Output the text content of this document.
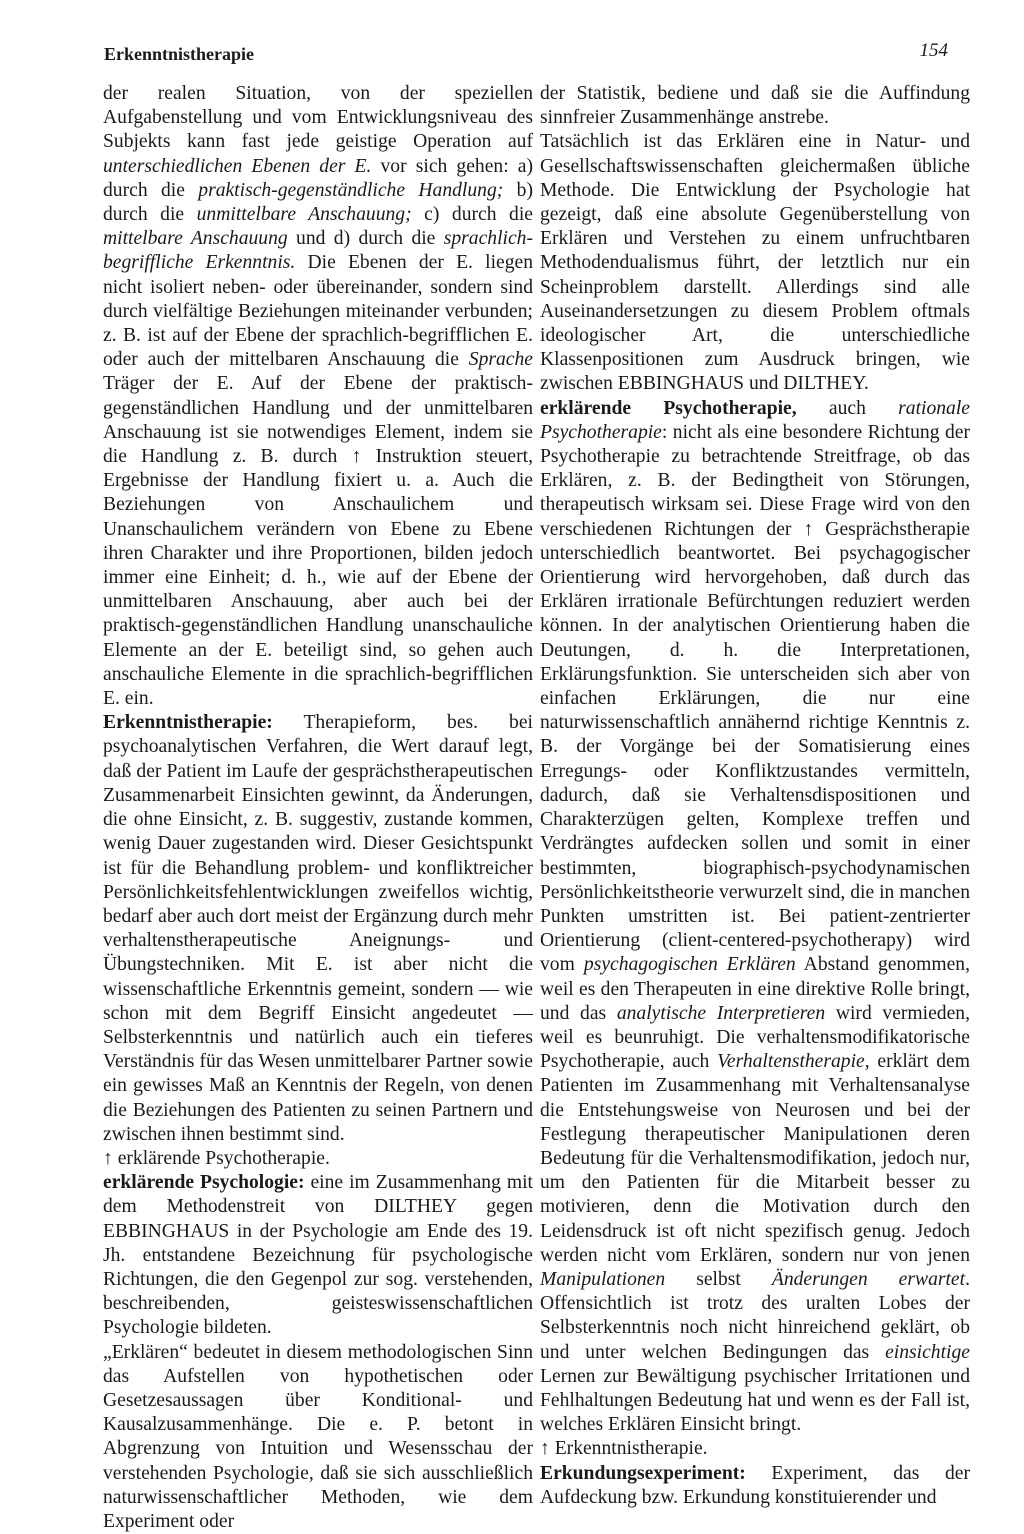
Erkenntnistherapie	154

der realen Situation, von der speziellen Aufgabenstellung und vom Entwicklungsniveau des Subjekts kann fast jede geistige Operation auf unterschiedlichen Ebenen der E. vor sich gehen: a) durch die praktisch-gegenständliche Handlung; b) durch die unmittelbare Anschauung; c) durch die mittelbare Anschauung und d) durch die sprachlich-begriffliche Erkenntnis. Die Ebenen der E. liegen nicht isoliert neben- oder übereinander, sondern sind durch vielfältige Beziehungen miteinander verbunden; z. B. ist auf der Ebene der sprachlich-begrifflichen E. oder auch der mittelbaren Anschauung die Sprache Träger der E. Auf der Ebene der praktisch-gegenständlichen Handlung und der unmittelbaren Anschauung ist sie notwendiges Element, indem sie die Handlung z. B. durch ↑ Instruktion steuert, Ergebnisse der Handlung fixiert u. a. Auch die Beziehungen von Anschaulichem und Unanschaulichem verändern von Ebene zu Ebene ihren Charakter und ihre Proportionen, bilden jedoch immer eine Einheit; d. h., wie auf der Ebene der unmittelbaren Anschauung, aber auch bei der praktisch-gegenständlichen Handlung unanschauliche Elemente an der E. beteiligt sind, so gehen auch anschauliche Elemente in die sprachlich-begrifflichen E. ein.

Erkenntnistherapie: Therapieform, bes. bei psychoanalytischen Verfahren, die Wert darauf legt, daß der Patient im Laufe der gesprächstherapeutischen Zusammenarbeit Einsichten gewinnt, da Änderungen, die ohne Einsicht, z. B. suggestiv, zustande kommen, wenig Dauer zugestanden wird. Dieser Gesichtspunkt ist für die Behandlung problem- und konfliktreicher Persönlichkeitsfehlentwicklungen zweifellos wichtig, bedarf aber auch dort meist der Ergänzung durch mehr verhaltenstherapeutische Aneignungs- und Übungstechniken. Mit E. ist aber nicht die wissenschaftliche Erkenntnis gemeint, sondern — wie schon mit dem Begriff Einsicht angedeutet — Selbsterkenntnis und natürlich auch ein tieferes Verständnis für das Wesen unmittelbarer Partner sowie ein gewisses Maß an Kenntnis der Regeln, von denen die Beziehungen des Patienten zu seinen Partnern und zwischen ihnen bestimmt sind.

↑ erklärende Psychotherapie.

erklärende Psychologie: eine im Zusammenhang mit dem Methodenstreit von DILTHEY gegen EBBINGHAUS in der Psychologie am Ende des 19. Jh. entstandene Bezeichnung für psychologische Richtungen, die den Gegenpol zur sog. verstehenden, beschreibenden, geisteswissenschaftlichen Psychologie bildeten.

„Erklären“ bedeutet in diesem methodologischen Sinn das Aufstellen von hypothetischen oder Gesetzesaussagen über Konditional- und Kausalzusammenhänge. Die e. P. betont in Abgrenzung von Intuition und Wesensschau der verstehenden Psychologie, daß sie sich ausschließlich naturwissenschaftlicher Methoden, wie dem Experiment oder

der Statistik, bediene und daß sie die Auffindung sinnfreier Zusammenhänge anstrebe.

Tatsächlich ist das Erklären eine in Natur- und Gesellschaftswissenschaften gleichermaßen übliche Methode. Die Entwicklung der Psychologie hat gezeigt, daß eine absolute Gegenüberstellung von Erklären und Verstehen zu einem unfruchtbaren Methodendualismus führt, der letztlich nur ein Scheinproblem darstellt. Allerdings sind alle Auseinandersetzungen zu diesem Problem oftmals ideologischer Art, die unterschiedliche Klassenpositionen zum Ausdruck bringen, wie zwischen EBBINGHAUS und DILTHEY.

erklärende Psychotherapie, auch rationale Psychotherapie: nicht als eine besondere Richtung der Psychotherapie zu betrachtende Streitfrage, ob das Erklären, z. B. der Bedingtheit von Störungen, therapeutisch wirksam sei. Diese Frage wird von den verschiedenen Richtungen der ↑ Gesprächstherapie unterschiedlich beantwortet. Bei psychagogischer Orientierung wird hervorgehoben, daß durch das Erklären irrationale Befürchtungen reduziert werden können. In der analytischen Orientierung haben die Deutungen, d. h. die Interpretationen, Erklärungsfunktion. Sie unterscheiden sich aber von einfachen Erklärungen, die nur eine naturwissenschaftlich annähernd richtige Kenntnis z. B. der Vorgänge bei der Somatisierung eines Erregungs- oder Konfliktzustandes vermitteln, dadurch, daß sie Verhaltensdispositionen und Charakterzügen gelten, Komplexe treffen und Verdrängtes aufdecken sollen und somit in einer bestimmten, biographisch-psychodynamischen Persönlichkeitstheorie verwurzelt sind, die in manchen Punkten umstritten ist. Bei patient-zentrierter Orientierung (client-centered-psychotherapy) wird vom psychagogischen Erklären Abstand genommen, weil es den Therapeuten in eine direktive Rolle bringt, und das analytische Interpretieren wird vermieden, weil es beunruhigt. Die verhaltensmodifikatorische Psychotherapie, auch Verhaltenstherapie, erklärt dem Patienten im Zusammenhang mit Verhaltensanalyse die Entstehungsweise von Neurosen und bei der Festlegung therapeutischer Manipulationen deren Bedeutung für die Verhaltensmodifikation, jedoch nur, um den Patienten für die Mitarbeit besser zu motivieren, denn die Motivation durch den Leidensdruck ist oft nicht spezifisch genug. Jedoch werden nicht vom Erklären, sondern nur von jenen Manipulationen selbst Änderungen erwartet. Offensichtlich ist trotz des uralten Lobes der Selbsterkenntnis noch nicht hinreichend geklärt, ob und unter welchen Bedingungen das einsichtige Lernen zur Bewältigung psychischer Irritationen und Fehlhaltungen Bedeutung hat und wenn es der Fall ist, welches Erklären Einsicht bringt.

↑ Erkenntnistherapie.

Erkundungsexperiment: Experiment, das der Aufdeckung bzw. Erkundung konstituierender und
